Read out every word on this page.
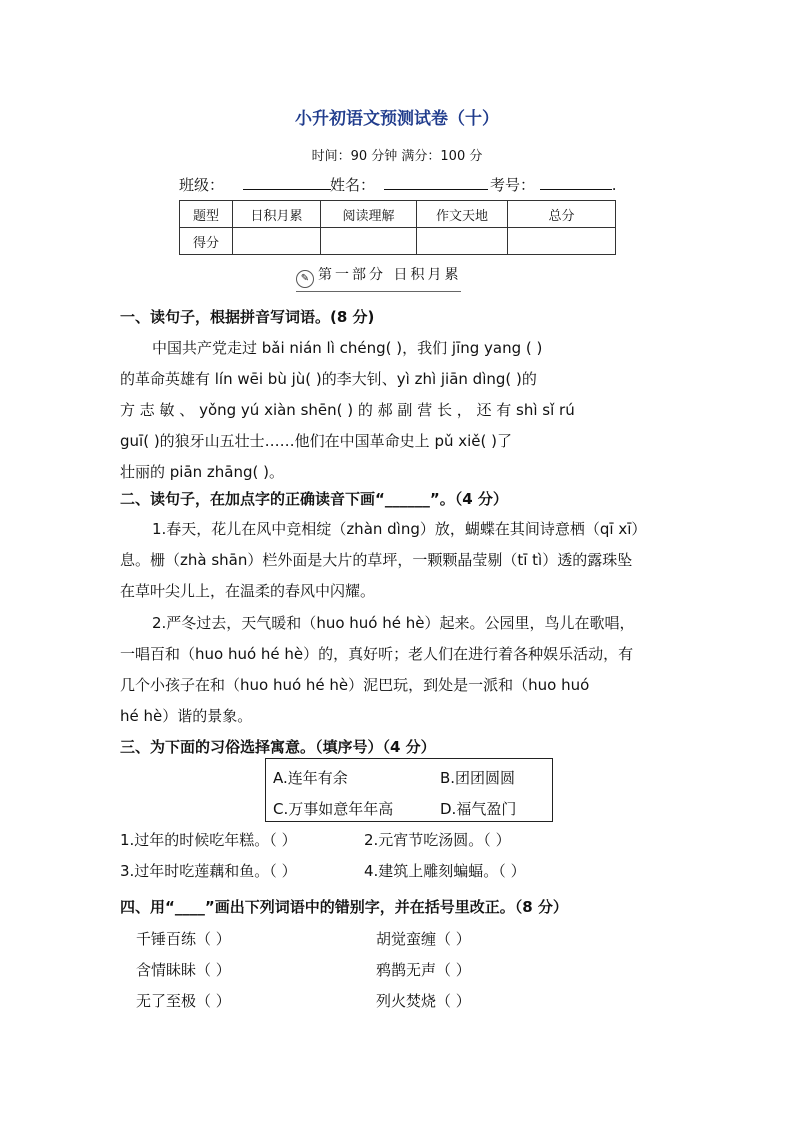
小升初语文预测试卷（十）
时间：90 分钟 满分：100 分
班级：	姓名：	考号：	.
题型	日积月累	阅读理解	作文天地	总分
得分				
✎ 第一部分 日积月累
一、读句子，根据拼音写词语。(8 分)
中国共产党走过 bǎi nián lì chéng( )，我们 jīng yang ( )
的革命英雄有 lín wēi bù jù( )的李大钊、yì zhì jiān dìng( )的
方 志 敏 、 yǒng yú xiàn shēn( ) 的 郝 副 营 长 ， 还 有 shì sǐ rú
guī( )的狼牙山五壮士……他们在中国革命史上 pǔ xiě( )了
壮丽的 piān zhāng( )。
二、读句子，在加点字的正确读音下画“______”。（4 分）
1.春天，花儿在风中竞相绽（zhàn dìng）放，蝴蝶在其间诗意栖（qī xī）
息。栅（zhà shān）栏外面是大片的草坪，一颗颗晶莹剔（tī tì）透的露珠坠
在草叶尖儿上，在温柔的春风中闪耀。
2.严冬过去，天气暖和（huo huó hé hè）起来。公园里，鸟儿在歌唱，
一唱百和（huo huó hé hè）的，真好听；老人们在进行着各种娱乐活动，有
几个小孩子在和（huo huó hé hè）泥巴玩，到处是一派和（huo huó
hé hè）谐的景象。
三、为下面的习俗选择寓意。（填序号）（4 分）
A.连年有余	B.团团圆圆
C.万事如意年年高	D.福气盈门
1.过年的时候吃年糕。（ ）	2.元宵节吃汤圆。（ ）
3.过年时吃莲藕和鱼。（ ）	4.建筑上雕刻蝙蝠。（ ）
四、用“____”画出下列词语中的错别字，并在括号里改正。（8 分）
千锤百练（ ）	胡觉蛮缠（ ）
含情眛眛（ ）	鸦鹊无声（ ）
无了至极（ ）	列火焚烧（ ）
